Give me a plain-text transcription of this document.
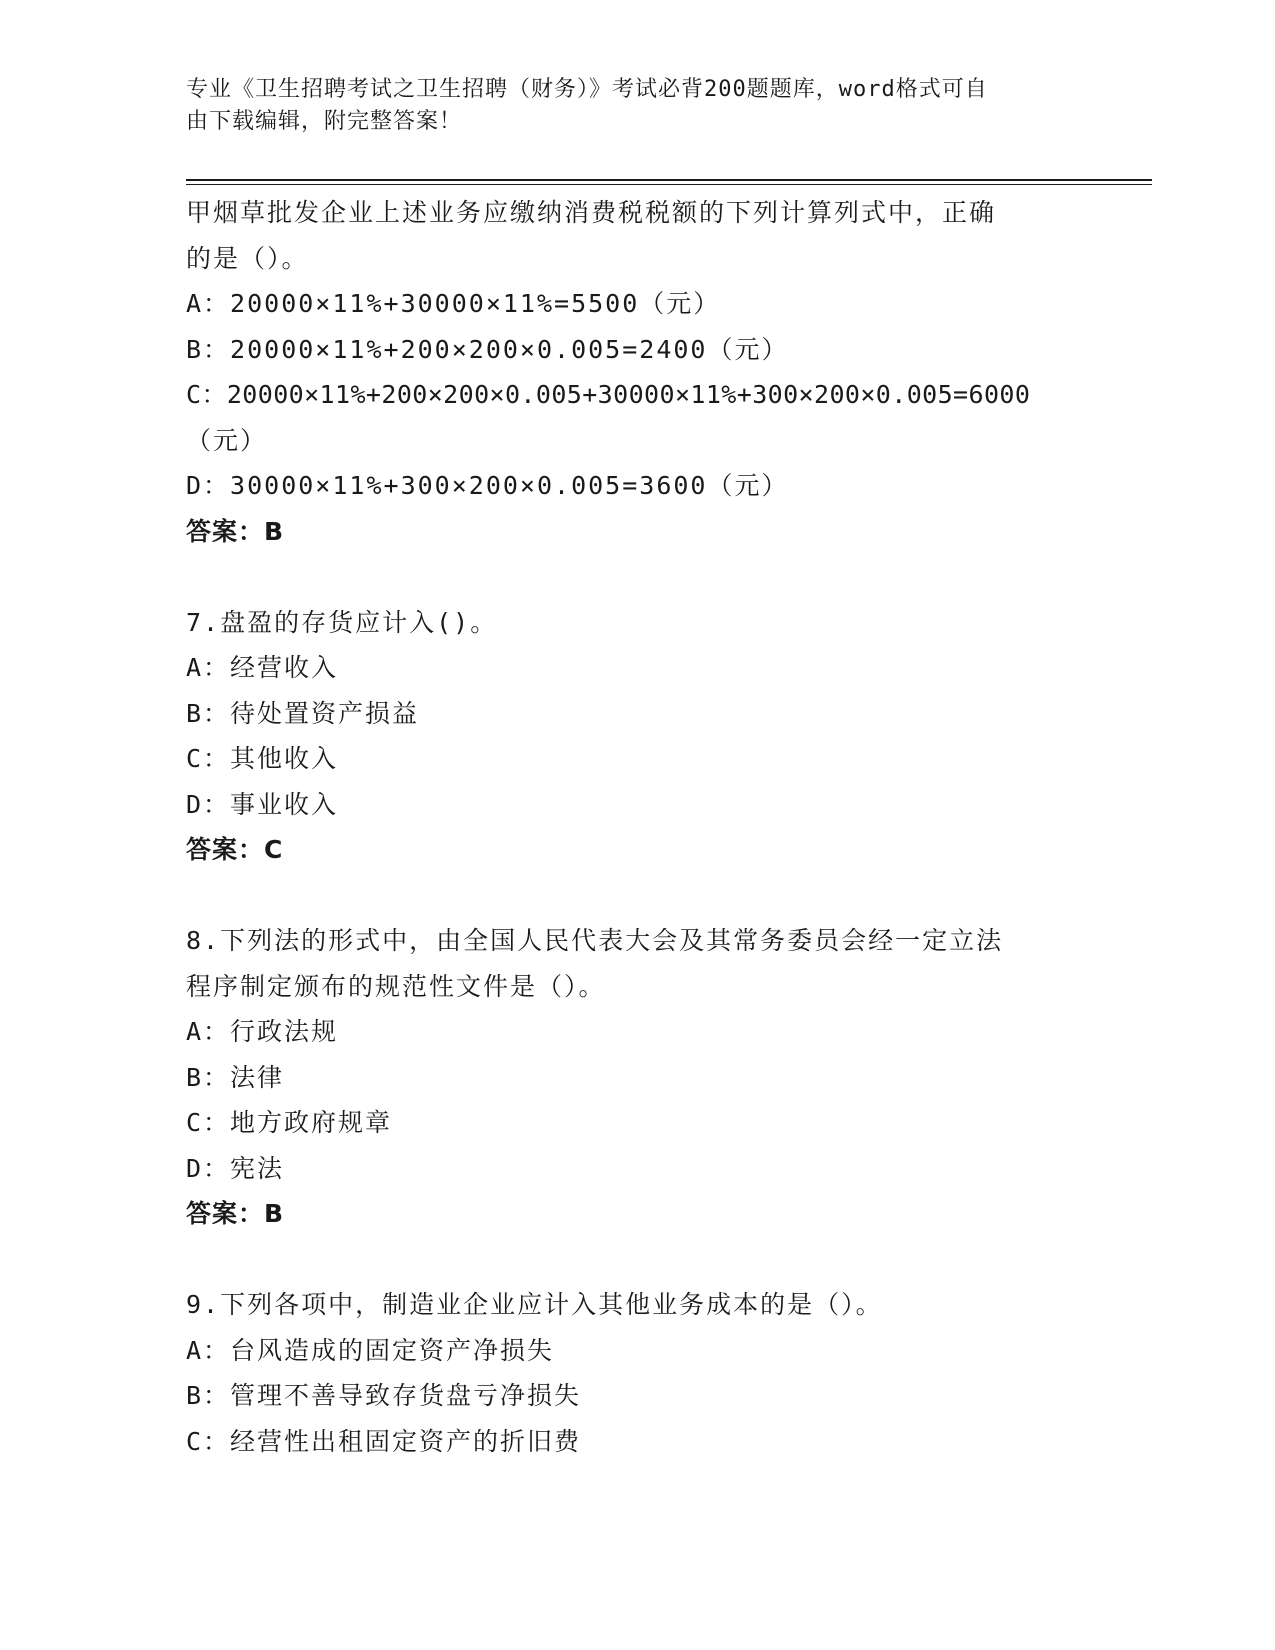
专业《卫生招聘考试之卫生招聘（财务）》考试必背200题题库，word格式可自
由下载编辑，附完整答案！
甲烟草批发企业上述业务应缴纳消费税税额的下列计算列式中，正确
的是（）。
A：20000×11%+30000×11%=5500（元）
B：20000×11%+200×200×0.005=2400（元）
C：20000×11%+200×200×0.005+30000×11%+300×200×0.005=6000
（元）
D：30000×11%+300×200×0.005=3600（元）
答案：B
7.盘盈的存货应计入()。
A：经营收入
B：待处置资产损益
C：其他收入
D：事业收入
答案：C
8.下列法的形式中，由全国人民代表大会及其常务委员会经一定立法
程序制定颁布的规范性文件是（）。
A：行政法规
B：法律
C：地方政府规章
D：宪法
答案：B
9.下列各项中，制造业企业应计入其他业务成本的是（）。
A：台风造成的固定资产净损失
B：管理不善导致存货盘亏净损失
C：经营性出租固定资产的折旧费
